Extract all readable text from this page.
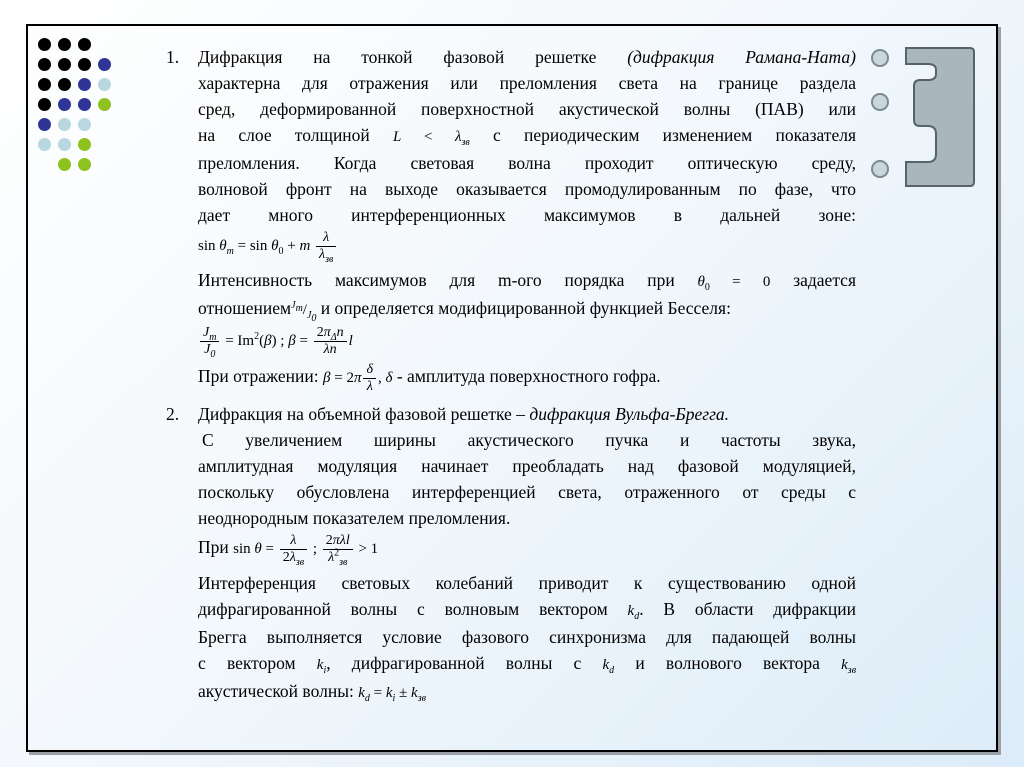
1. Дифракция на тонкой фазовой решетке (дифракция Рамана-Ната)
характерна для отражения или преломления света на границе раздела
сред, деформированной поверхностной акустической волны (ПАВ) или
на слое толщиной $L < \lambda_{зв}$ с периодическим изменением показателя
преломления. Когда световая волна проходит оптическую среду,
волновой фронт на выходе оказывается промодулированным по фазе, что
дает много интерференционных максимумов в дальней зоне:
$\sin \theta_m = \sin \theta_0 + m \frac{\lambda}{\lambda_{зв}}$
Интенсивность максимумов для m-ого порядка при $\theta_0 = 0$ задается
$отношением^{J_m}/_{J_0}$ и определяется модифицированной функцией Бесселя:
$\frac{J_m}{J_0} = Im^2(\beta)$ ; $\beta = \frac{2\pi_\Delta n}{\lambda n}$ l
При отражении: $\beta = 2\pi \frac{\delta}{\lambda}$ , δ - амплитуда поверхностного гофра.
2. Дифракция на объемной фазовой решетке – дифракция Вульфа-Брегга.
С увеличением ширины акустического пучка и частоты звука,
амплитудная модуляция начинает преобладать над фазовой модуляцией,
поскольку обусловлена интерференцией света, отраженного от среды с
неоднородным показателем преломления.
При $\sin \theta = \frac{\lambda}{2\lambda_{зв}}$ ; $\frac{\text{2πλl}}{\lambda^2_{зв}} > 1$
Интерференция световых колебаний приводит к существованию одной
дифрагированной волны с волновым вектором $k_d$. В области дифракции
Брегга выполняется условие фазового синхронизма для падающей волны
с вектором $k_i$, дифрагированной волны с $k_d$ и волнового вектора $k_{зв}$
акустической волны: $k_d = k_i \pm k_{зв}$
